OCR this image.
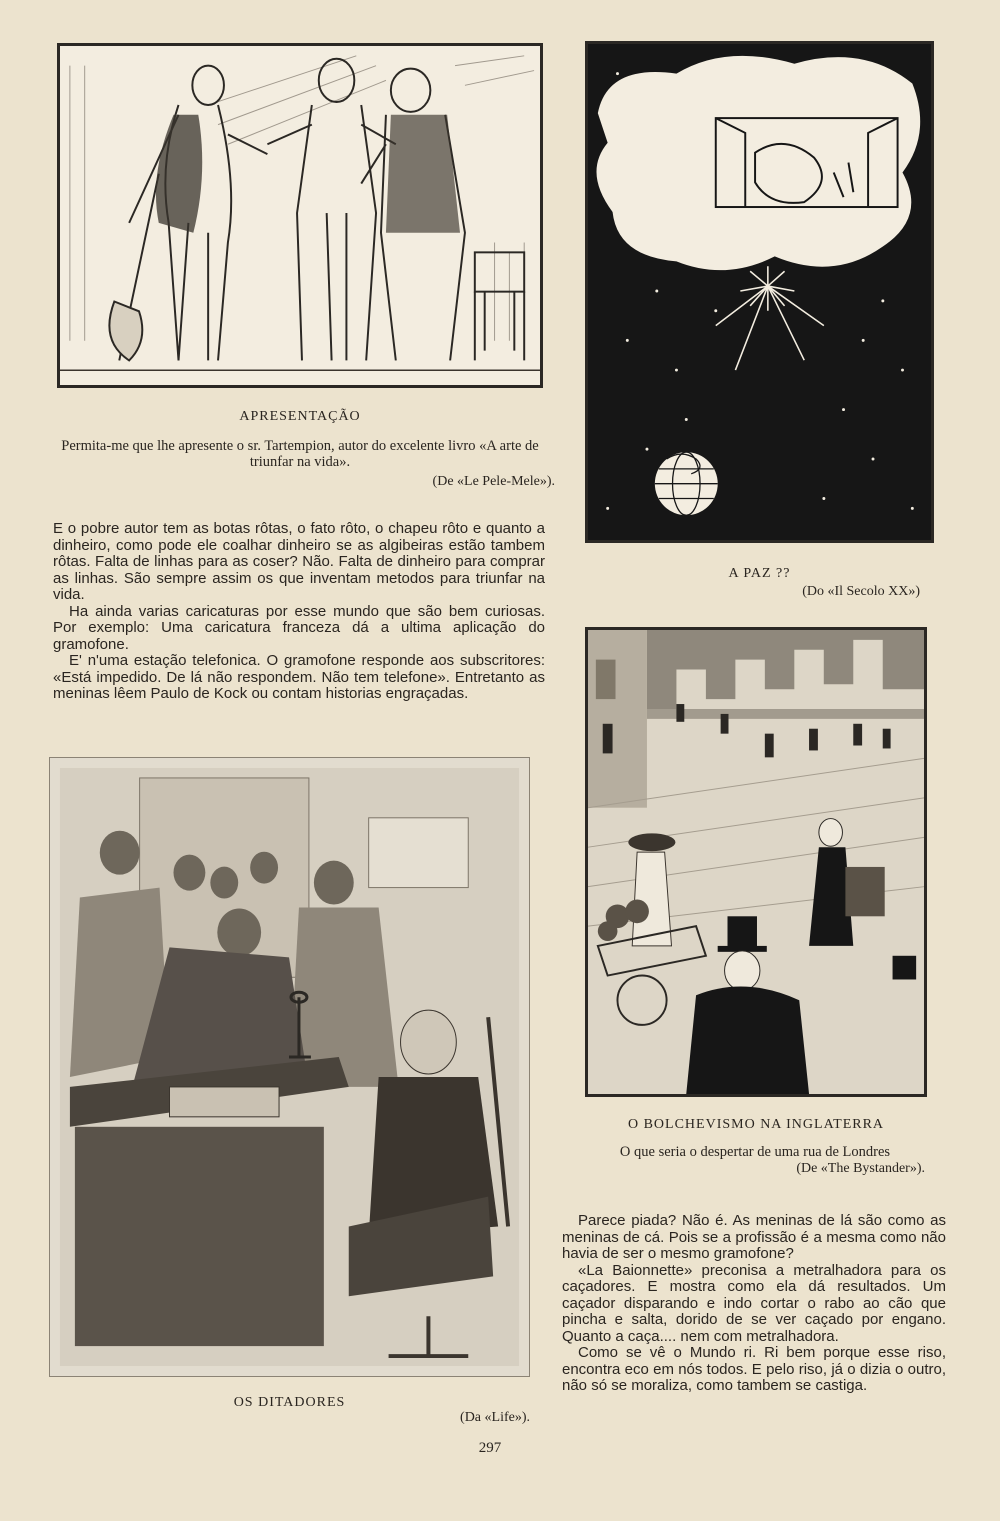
APRESENTAÇÃO
Permita-me que lhe apresente o sr. Tartempion, autor do excelente livro «A arte de triunfar na vida».
(De «Le Pele-Mele»).

E o pobre autor tem as botas rôtas, o fato rôto, o chapeu rôto e quanto a dinheiro, como pode ele coalhar dinheiro se as algibeiras estão tambem rôtas. Falta de linhas para as coser? Não. Falta de dinheiro para comprar as linhas. São sempre assim os que inventam metodos para triunfar na vida.

Ha ainda varias caricaturas por esse mundo que são bem curiosas. Por exemplo: Uma caricatura franceza dá a ultima aplicação do gramofone.

E' n'uma estação telefonica. O gramofone responde aos subscritores: «Está impedido. De lá não respondem. Não tem telefone». Entretanto as meninas lêem Paulo de Kock ou contam historias engraçadas.

A PAZ ??
(Do «Il Secolo XX»)
O BOLCHEVISMO NA INGLATERRA
O que seria o despertar de uma rua de Londres
(De «The Bystander»).
OS DITADORES
(Da «Life»).

Parece piada? Não é. As meninas de lá são como as meninas de cá. Pois se a profissão é a mesma como não havia de ser o mesmo gramofone?

«La Baionnette» preconisa a metralhadora para os caçadores. E mostra como ela dá resultados. Um caçador disparando e indo cortar o rabo ao cão que pincha e salta, dorido de se ver caçado por engano. Quanto a caça.... nem com metralhadora.

Como se vê o Mundo ri. Ri bem porque esse riso, encontra eco em nós todos. E pelo riso, já o dizia o outro, não só se moraliza, como tambem se castiga.

297
